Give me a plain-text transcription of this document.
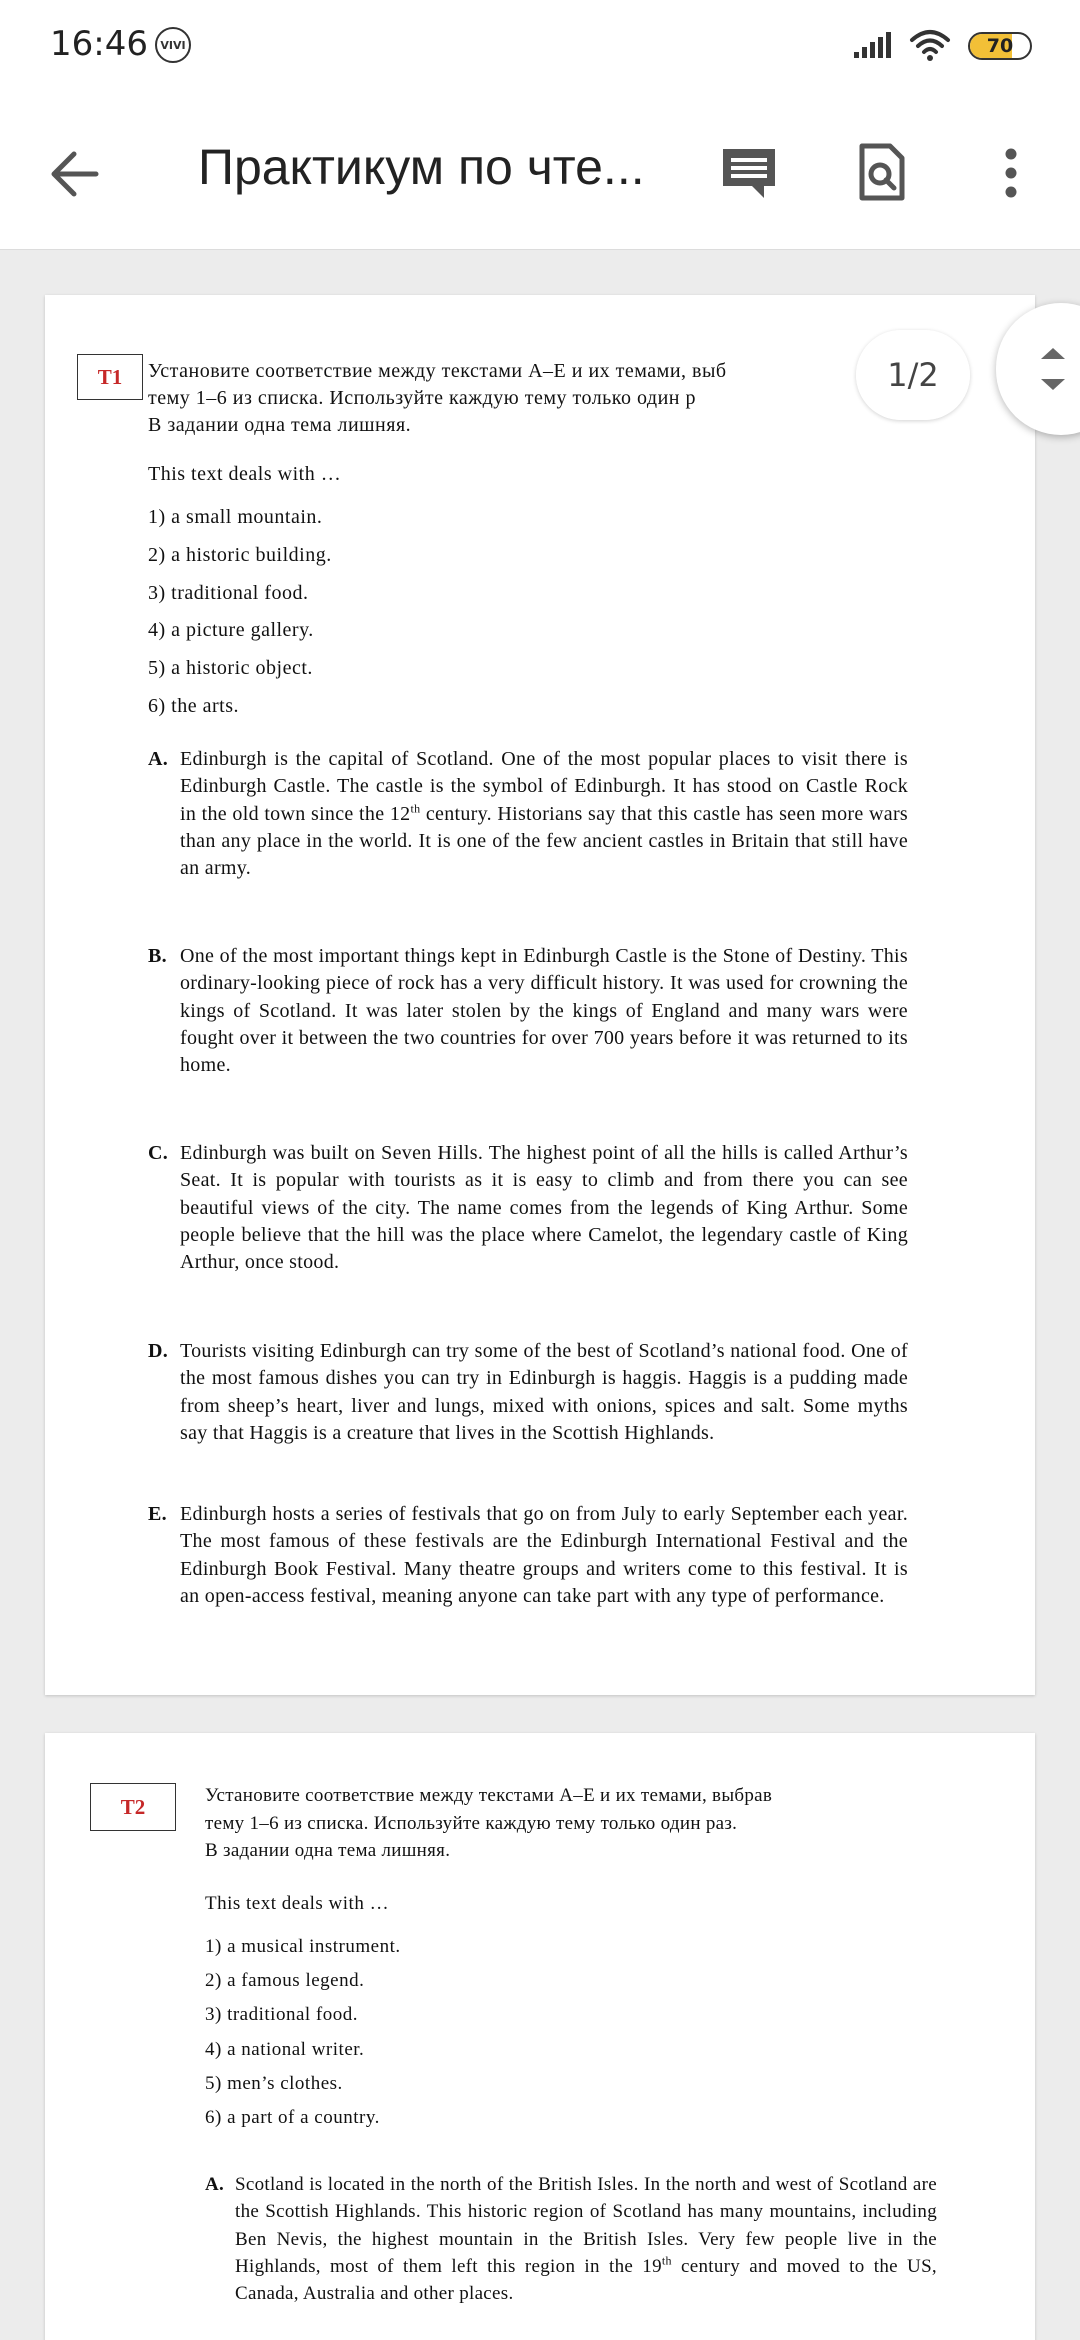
16:46	VIVI	70
Практикум по чте...
T1	Установите соответствие между текстами A–E и их темами, выб
тему 1–6 из списка. Используйте каждую тему только один р
В задании одна тема лишняя.
This text deals with …
1) a small mountain.
2) a historic building.
3) traditional food.
4) a picture gallery.
5) a historic object.
6) the arts.
A. Edinburgh is the capital of Scotland. One of the most popular places to visit there is Edinburgh Castle. The castle is the symbol of Edinburgh. It has stood on Castle Rock in the old town since the 12th century. Historians say that this castle has seen more wars than any place in the world. It is one of the few ancient castles in Britain that still have an army.
B. One of the most important things kept in Edinburgh Castle is the Stone of Destiny. This ordinary-looking piece of rock has a very difficult history. It was used for crowning the kings of Scotland. It was later stolen by the kings of England and many wars were fought over it between the two countries for over 700 years before it was returned to its home.
C. Edinburgh was built on Seven Hills. The highest point of all the hills is called Arthur’s Seat. It is popular with tourists as it is easy to climb and from there you can see beautiful views of the city. The name comes from the legends of King Arthur. Some people believe that the hill was the place where Camelot, the legendary castle of King Arthur, once stood.
D. Tourists visiting Edinburgh can try some of the best of Scotland’s national food. One of the most famous dishes you can try in Edinburgh is haggis. Haggis is a pudding made from sheep’s heart, liver and lungs, mixed with onions, spices and salt. Some myths say that Haggis is a creature that lives in the Scottish Highlands.
E. Edinburgh hosts a series of festivals that go on from July to early September each year. The most famous of these festivals are the Edinburgh International Festival and the Edinburgh Book Festival. Many theatre groups and writers come to this festival. It is an open-access festival, meaning anyone can take part with any type of performance.
T2	Установите соответствие между текстами A–E и их темами, выбрав
тему 1–6 из списка. Используйте каждую тему только один раз.
В задании одна тема лишняя.
This text deals with …
1) a musical instrument.
2) a famous legend.
3) traditional food.
4) a national writer.
5) men’s clothes.
6) a part of a country.
A. Scotland is located in the north of the British Isles. In the north and west of Scotland are the Scottish Highlands. This historic region of Scotland has many mountains, including Ben Nevis, the highest mountain in the British Isles. Very few people live in the Highlands, most of them left this region in the 19th century and moved to the US, Canada, Australia and other places.
1/2
